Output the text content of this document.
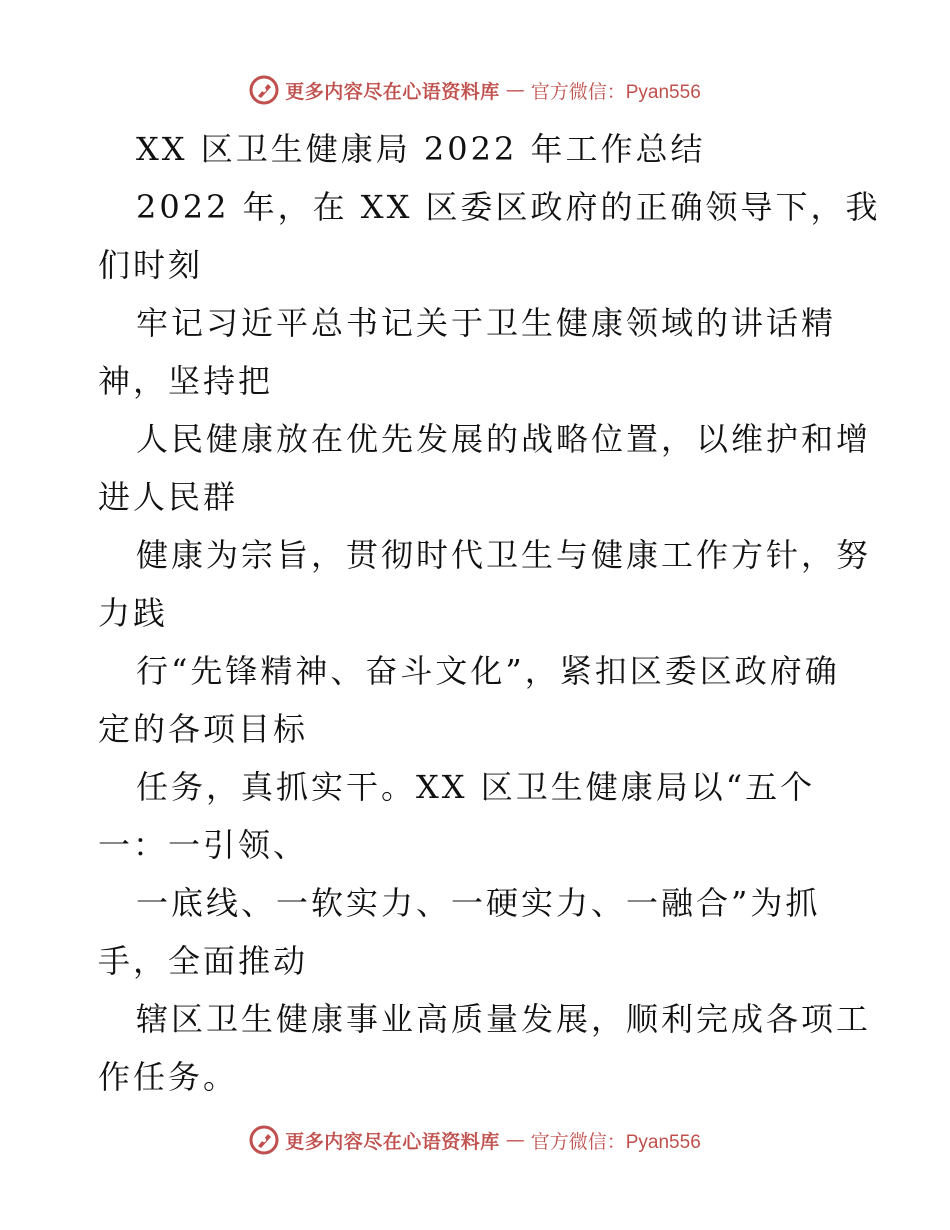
更多内容尽在心语资料库 — 官方微信：Pyan556
XX 区卫生健康局 2022 年工作总结
2022 年，在 XX 区委区政府的正确领导下，我
们时刻
牢记习近平总书记关于卫生健康领域的讲话精
神，坚持把
人民健康放在优先发展的战略位置，以维护和增
进人民群
健康为宗旨，贯彻时代卫生与健康工作方针，努
力践
行“先锋精神、奋斗文化”，紧扣区委区政府确
定的各项目标
任务，真抓实干。XX 区卫生健康局以“五个
一：一引领、
一底线、一软实力、一硬实力、一融合”为抓
手，全面推动
辖区卫生健康事业高质量发展，顺利完成各项工
作任务。
更多内容尽在心语资料库 — 官方微信：Pyan556
